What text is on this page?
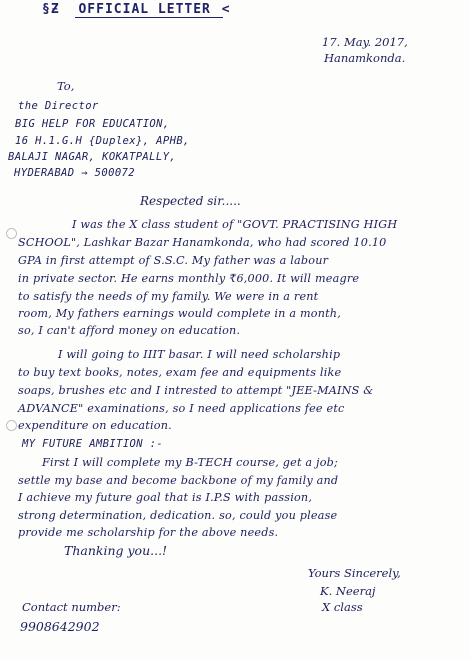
§Ƶ OFFICIAL LETTER <
17. May. 2017,
Hanamkonda.
To,
the Director
BIG HELP FOR EDUCATION,
16 H.1.G.H {Duplex}, APHB,
BALAJI NAGAR, KOKATPALLY,
HYDERABAD → 500072
Respected sir.....
I was the Ⅹ class student of "GOVT. PRACTISING HIGH
SCHOOL", Lashkar Bazar Hanamkonda, who had scored 10.10
GPA in first attempt of S.S.C. My father was a labour
in private sector. He earns monthly ₹6,000. It will meagre
to satisfy the needs of my family. We were in a rent
room, My fathers earnings would complete in a month,
so, I can't afford money on education.
I will going to IIIT basar. I will need scholarship
to buy text books, notes, exam fee and equipments like
soaps, brushes etc and I intrested to attempt "JEE-MAINS &
ADVANCE" examinations, so I need applications fee etc
expenditure on education.
MY FUTURE AMBITION :-
First I will complete my B-TECH course, get a job;
settle my base and become backbone of my family and
I achieve my future goal that is I.P.S with passion,
strong determination, dedication. so, could you please
provide me scholarship for the above needs.
Thanking you...!
Yours Sincerely,
K. Neeraj
Ⅹ class
Contact number:
9908642902
